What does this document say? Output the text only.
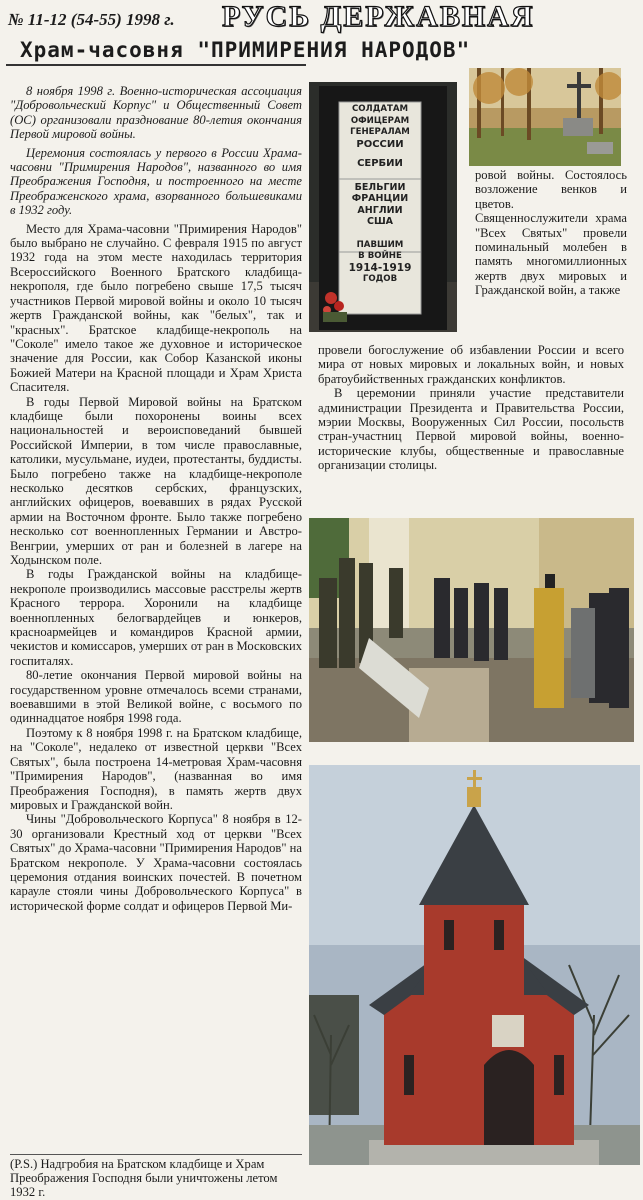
№ 11-12 (54-55) 1998 г. РУСЬ ДЕРЖАВНАЯ
Храм-часовня "ПРИМИРЕНИЯ НАРОДОВ"

8 ноября 1998 г. Военно-историческая ассоциация "Добровольческий Корпус" и Общественный Совет (ОС) организовали празднование 80-летия окончания Первой мировой войны.

Церемония состоялась у первого в России Храма-часовни "Примирения Народов", названного во имя Преображения Господня, и построенного на месте Преображенского храма, взорванного большевиками в 1932 году.

Место для Храма-часовни "Примирения Народов" было выбрано не случайно. С февраля 1915 по август 1932 года на этом месте находилась территория Всероссийского Военного Братского кладбища-некрополя, где было погребено свыше 17,5 тысяч участников Первой мировой войны и около 10 тысяч жертв Гражданской войны, как "белых", так и "красных". Братское кладбище-некрополь на "Соколе" имело такое же духовное и историческое значение для России, как Собор Казанской иконы Божией Матери на Красной площади и Храм Христа Спасителя.

В годы Первой Мировой войны на Братском кладбище были похоронены воины всех национальностей и вероисповеданий бывшей Российской Империи, в том числе православные, католики, мусульмане, иудеи, протестанты, буддисты. Было погребено также на кладбище-некрополе несколько десятков сербских, французских, английских офицеров, воевавших в рядах Русской армии на Восточном фронте. Было также погребено несколько сот военнопленных Германии и Австро-Венгрии, умерших от ран и болезней в лагере на Ходынском поле.

В годы Гражданской войны на кладбище-некрополе производились массовые расстрелы жертв Красного террора. Хоронили на кладбище военнопленных белогвардейцев и юнкеров, красноармейцев и командиров Красной армии, чекистов и комиссаров, умерших от ран в Московских госпиталях.

80-летие окончания Первой мировой войны на государственном уровне отмечалось всеми странами, воевавшими в этой Великой войне, с восьмого по одиннадцатое ноября 1998 года.

Поэтому к 8 ноября 1998 г. на Братском кладбище, на "Соколе", недалеко от известной церкви "Всех Святых", была построена 14-метровая Храм-часовня "Примирения Народов", (названная во имя Преображения Господня), в память жертв двух мировых и Гражданской войн.

Чины "Добровольческого Корпуса" 8 ноября в 12-30 организовали Крестный ход от церкви "Всех Святых" до Храма-часовни "Примирения Народов" на Братском некрополе. У Храма-часовни состоялась церемония отдания воинских почестей. В почетном карауле стояли чины Добровольческого Корпуса" в исторической форме солдат и офицеров Первой Ми-

(P.S.) Надгробия на Братском кладбище и Храм Преображения Господня были уничтожены летом 1932 г.
СОЛДАТАМ
ОФИЦЕРАМ
ГЕНЕРАЛАМ
РОССИИ
СЕРБИИ
БЕЛЬГИИ
ФРАНЦИИ
АНГЛИИ
США
ПАВШИМ
В ВОЙНЕ
1914-1919
ГОДОВ
ровой войны. Состоялось возложение венков и цветов. Священнослужители храма "Всех Святых" провели поминальный молебен в память многомиллионных жертв двух мировых и Гражданской войн, а также

провели богослужение об избавлении России и всего мира от новых мировых и локальных войн, и новых братоубийственных гражданских конфликтов.

В церемонии приняли участие представители администрации Президента и Правительства России, мэрии Москвы, Вооруженных Сил России, посольств стран-участниц Первой мировой войны, военно-исторические клубы, общественные и православные организации столицы.
